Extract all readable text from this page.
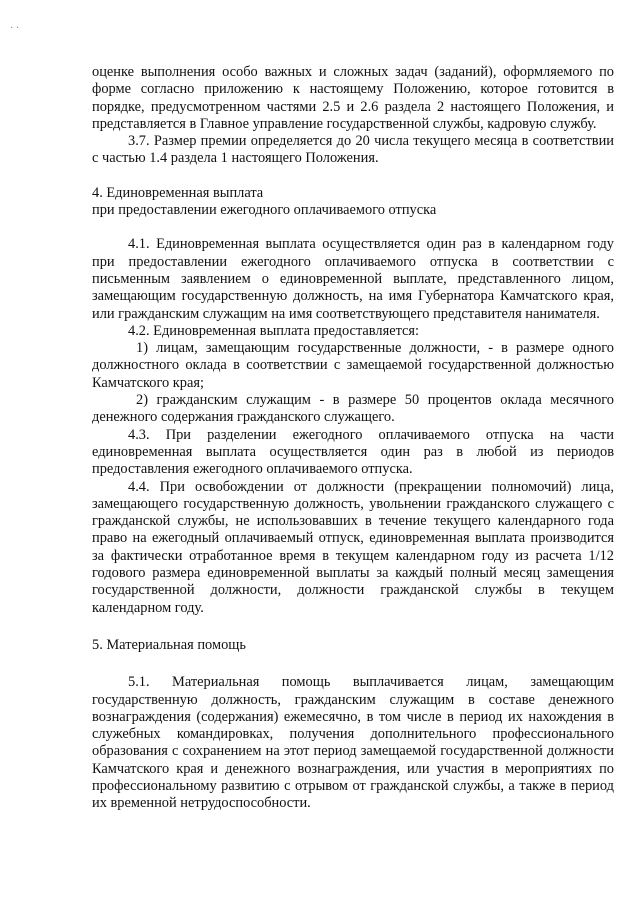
· ·

оценке выполнения особо важных и сложных задач (заданий), оформляемого по форме согласно приложению к настоящему Положению, которое готовится в порядке, предусмотренном частями 2.5 и 2.6 раздела 2 настоящего Положения, и представляется в Главное управление государственной службы, кадровую службу.

3.7. Размер премии определяется до 20 числа текущего месяца в соответствии с частью 1.4 раздела 1 настоящего Положения.

4. Единовременная выплата

при предоставлении ежегодного оплачиваемого отпуска

4.1. Единовременная выплата осуществляется один раз в календарном году при предоставлении ежегодного оплачиваемого отпуска в соответствии с письменным заявлением о единовременной выплате, представленного лицом, замещающим государственную должность, на имя Губернатора Камчатского края, или гражданским служащим на имя соответствующего представителя нанимателя.

4.2. Единовременная выплата предоставляется:

1) лицам, замещающим государственные должности, - в размере одного должностного оклада в соответствии с замещаемой государственной должностью Камчатского края;

2) гражданским служащим - в размере 50 процентов оклада месячного денежного содержания гражданского служащего.

4.3. При разделении ежегодного оплачиваемого отпуска на части единовременная выплата осуществляется один раз в любой из периодов предоставления ежегодного оплачиваемого отпуска.

4.4. При освобождении от должности (прекращении полномочий) лица, замещающего государственную должность, увольнении гражданского служащего с гражданской службы, не использовавших в течение текущего календарного года право на ежегодный оплачиваемый отпуск, единовременная выплата производится за фактически отработанное время в текущем календарном году из расчета 1/12 годового размера единовременной выплаты за каждый полный месяц замещения государственной должности, должности гражданской службы в текущем календарном году.

5. Материальная помощь

5.1. Материальная помощь выплачивается лицам, замещающим государственную должность, гражданским служащим в составе денежного вознаграждения (содержания) ежемесячно, в том числе в период их нахождения в служебных командировках, получения дополнительного профессионального образования с сохранением на этот период замещаемой государственной должности Камчатского края и денежного вознаграждения, или участия в мероприятиях по профессиональному развитию с отрывом от гражданской службы, а также в период их временной нетрудоспособности.
